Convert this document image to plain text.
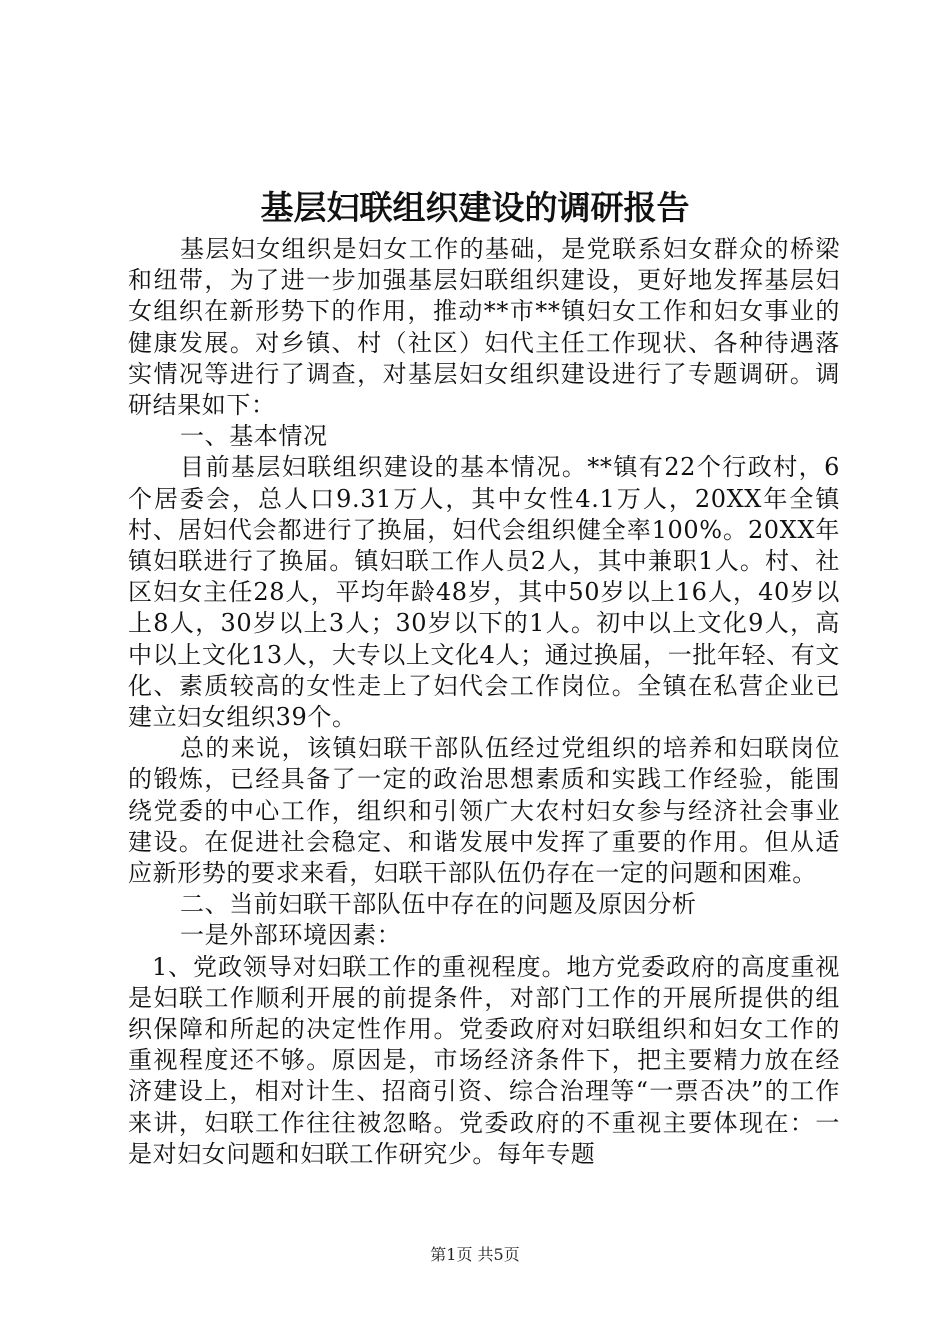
基层妇联组织建设的调研报告

基层妇女组织是妇女工作的基础，是党联系妇女群众的桥梁和纽带，为了进一步加强基层妇联组织建设，更好地发挥基层妇女组织在新形势下的作用，推动**市**镇妇女工作和妇女事业的健康发展。对乡镇、村（社区）妇代主任工作现状、各种待遇落实情况等进行了调查，对基层妇女组织建设进行了专题调研。调研结果如下：

一、基本情况

目前基层妇联组织建设的基本情况。**镇有22个行政村，6个居委会，总人口9.31万人，其中女性4.1万人，20XX年全镇村、居妇代会都进行了换届，妇代会组织健全率100%。20XX年镇妇联进行了换届。镇妇联工作人员2人，其中兼职1人。村、社区妇女主任28人，平均年龄48岁，其中50岁以上16人，40岁以上8人，30岁以上3人；30岁以下的1人。初中以上文化9人，高中以上文化13人，大专以上文化4人；通过换届，一批年轻、有文化、素质较高的女性走上了妇代会工作岗位。全镇在私营企业已建立妇女组织39个。

总的来说，该镇妇联干部队伍经过党组织的培养和妇联岗位的锻炼，已经具备了一定的政治思想素质和实践工作经验，能围绕党委的中心工作，组织和引领广大农村妇女参与经济社会事业建设。在促进社会稳定、和谐发展中发挥了重要的作用。但从适应新形势的要求来看，妇联干部队伍仍存在一定的问题和困难。

二、当前妇联干部队伍中存在的问题及原因分析

一是外部环境因素：

1、党政领导对妇联工作的重视程度。地方党委政府的高度重视是妇联工作顺利开展的前提条件，对部门工作的开展所提供的组织保障和所起的决定性作用。党委政府对妇联组织和妇女工作的重视程度还不够。原因是，市场经济条件下，把主要精力放在经济建设上，相对计生、招商引资、综合治理等“一票否决”的工作来讲，妇联工作往往被忽略。党委政府的不重视主要体现在：一是对妇女问题和妇联工作研究少。每年专题

第1页 共5页
